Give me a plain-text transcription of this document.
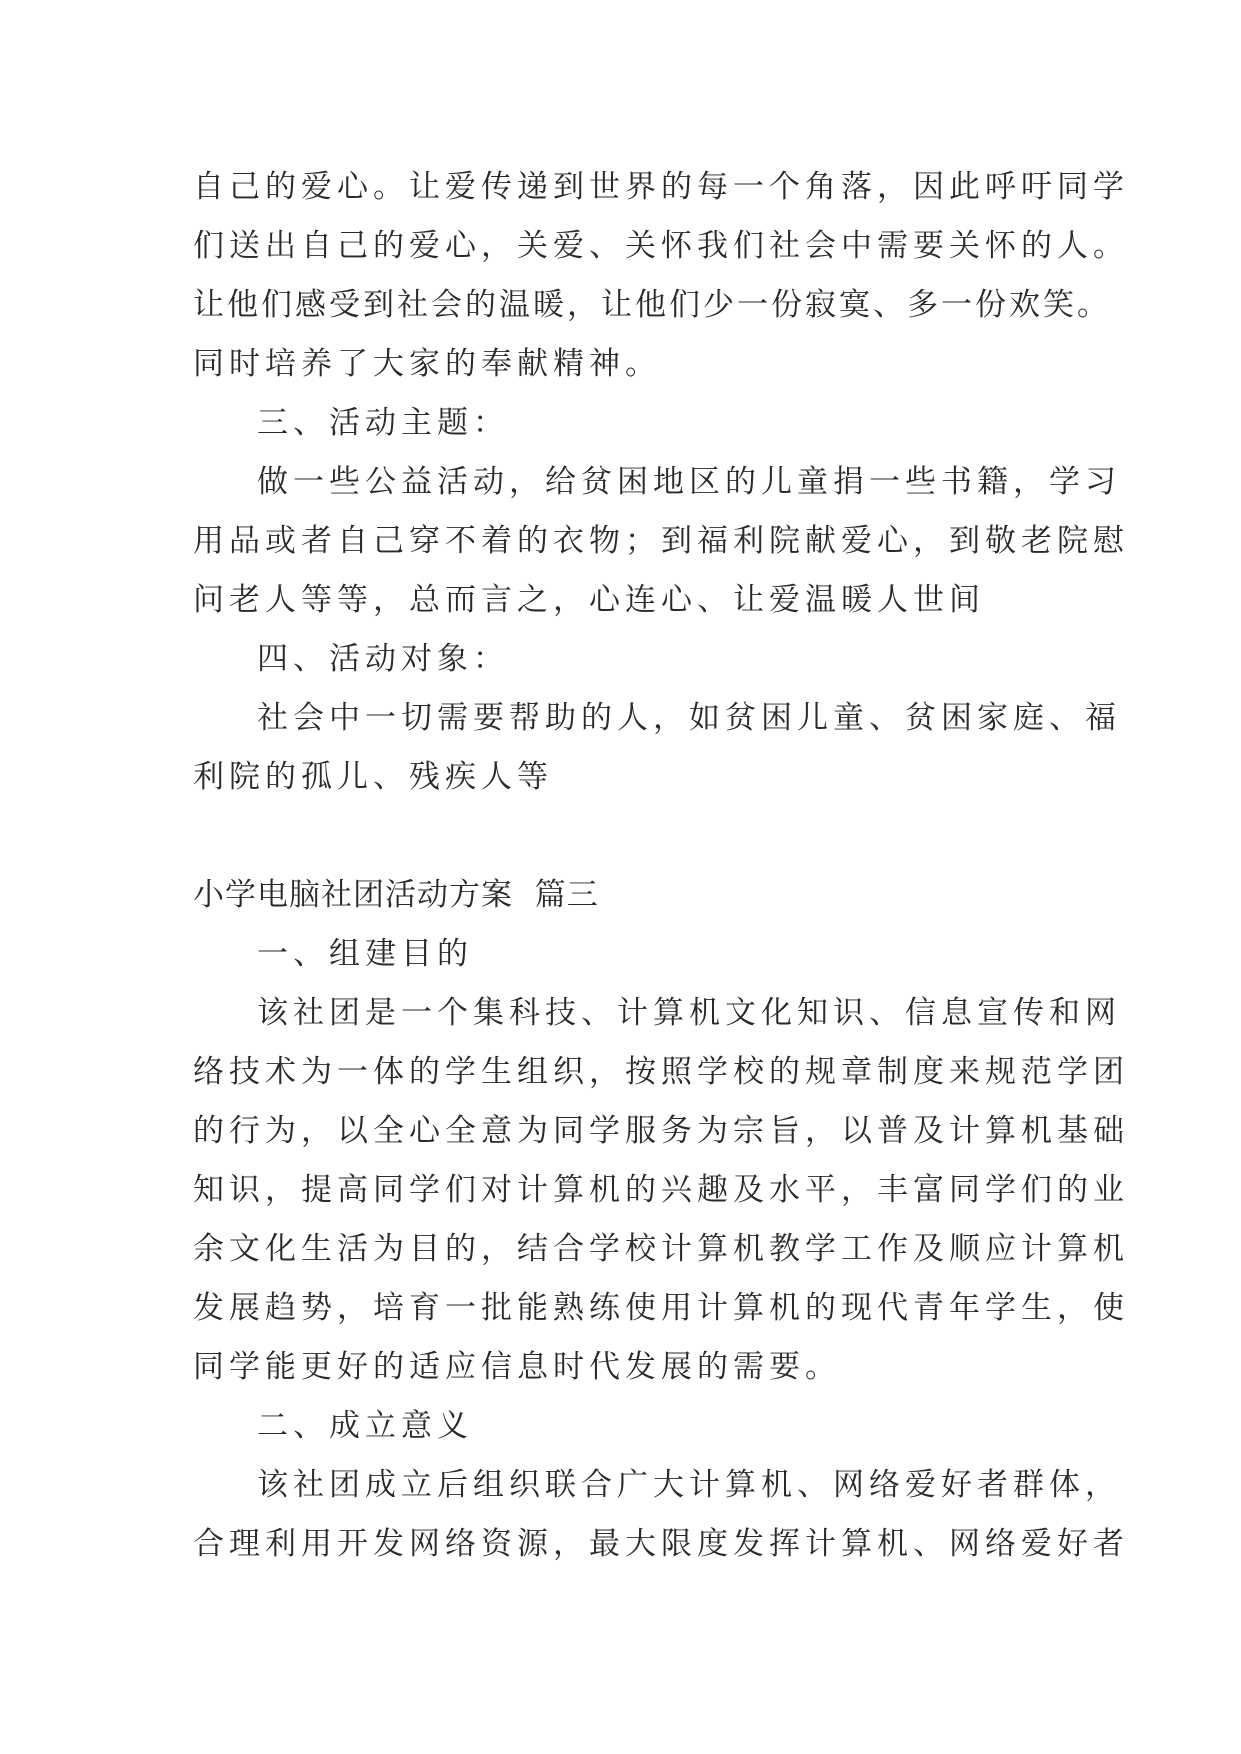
自己的爱心。让爱传递到世界的每一个角落，因此呼吁同学
们送出自己的爱心，关爱、关怀我们社会中需要关怀的人。
让他们感受到社会的温暖，让他们少一份寂寞、多一份欢笑。
同时培养了大家的奉献精神。
三、活动主题：
做一些公益活动，给贫困地区的儿童捐一些书籍，学习
用品或者自己穿不着的衣物；到福利院献爱心，到敬老院慰
问老人等等，总而言之，心连心、让爱温暖人世间
四、活动对象：
社会中一切需要帮助的人，如贫困儿童、贫困家庭、福
利院的孤儿、残疾人等
小学电脑社团活动方案  篇三
一、组建目的
该社团是一个集科技、计算机文化知识、信息宣传和网
络技术为一体的学生组织，按照学校的规章制度来规范学团
的行为，以全心全意为同学服务为宗旨，以普及计算机基础
知识，提高同学们对计算机的兴趣及水平，丰富同学们的业
余文化生活为目的，结合学校计算机教学工作及顺应计算机
发展趋势，培育一批能熟练使用计算机的现代青年学生，使
同学能更好的适应信息时代发展的需要。
二、成立意义
该社团成立后组织联合广大计算机、网络爱好者群体，
合理利用开发网络资源，最大限度发挥计算机、网络爱好者
